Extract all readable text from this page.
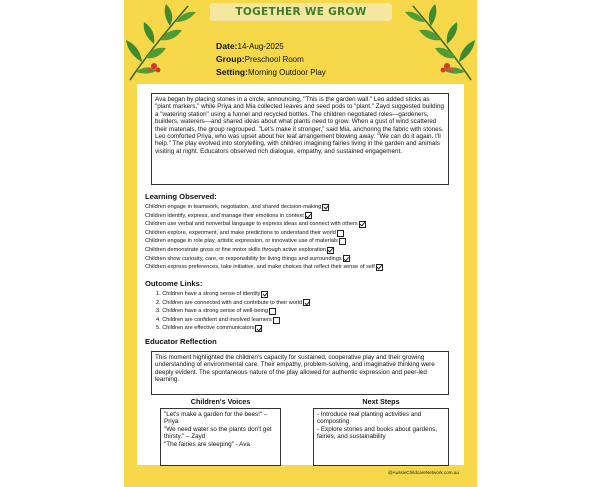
TOGETHER WE GROW
Date:14-Aug-2025
Group:Preschool Room
Setting:Morning Outdoor Play
Ava began by placing stones in a circle, announcing, "This is the garden wall." Leo added sticks as "plant markers," while Priya and Mia collected leaves and seed pods to "plant." Zayd suggested building a "watering station" using a funnel and recycled bottles. The children negotiated roles—gardeners, builders, waterers—and shared ideas about what plants need to grow. When a gust of wind scattered their materials, the group regrouped. "Let's make it stronger," said Mia, anchoring the fabric with stones. Leo comforted Priya, who was upset about her leaf arrangement blowing away: "We can do it again. I'll help." The play evolved into storytelling, with children imagining fairies living in the garden and animals visiting at night. Educators observed rich dialogue, empathy, and sustained engagement.
Learning Observed:
Children engage in teamwork, negotiation, and shared decision-making
Children identify, express, and manage their emotions in context
Children use verbal and nonverbal language to express ideas and connect with others
Children explore, experiment, and make predictions to understand their world
Children engage in role play, artistic expression, or innovative use of materials
Children demonstrate gross or fine motor skills through active exploration
Children show curiosity, care, or responsibility for living things and surroundings
Children express preferences, take initiative, and make choices that reflect their sense of self
Outcome Links:
1. Children have a strong sense of identity
2. Children are connected with and contribute to their world
3. Children have a strong sense of well-being
4. Children are confident and involved learners
5. Children are effective communicators
Educator Reflection
This moment highlighted the children's capacity for sustained, cooperative play and their growing understanding of environmental care. Their empathy, problem-solving, and imaginative thinking were deeply evident. The spontaneous nature of the play allowed for authentic expression and peer-led learning.
Children's Voices	Next Steps
"Let's make a garden for the bees!" – Priya
"We need water so the plants don't get thirsty." – Zayd
"The fairies are sleeping" - Ava
- Introduce real planting activities and composting
- Explore stories and books about gardens, fairies, and sustainability
@AussieChildcareNetwork.com.au
